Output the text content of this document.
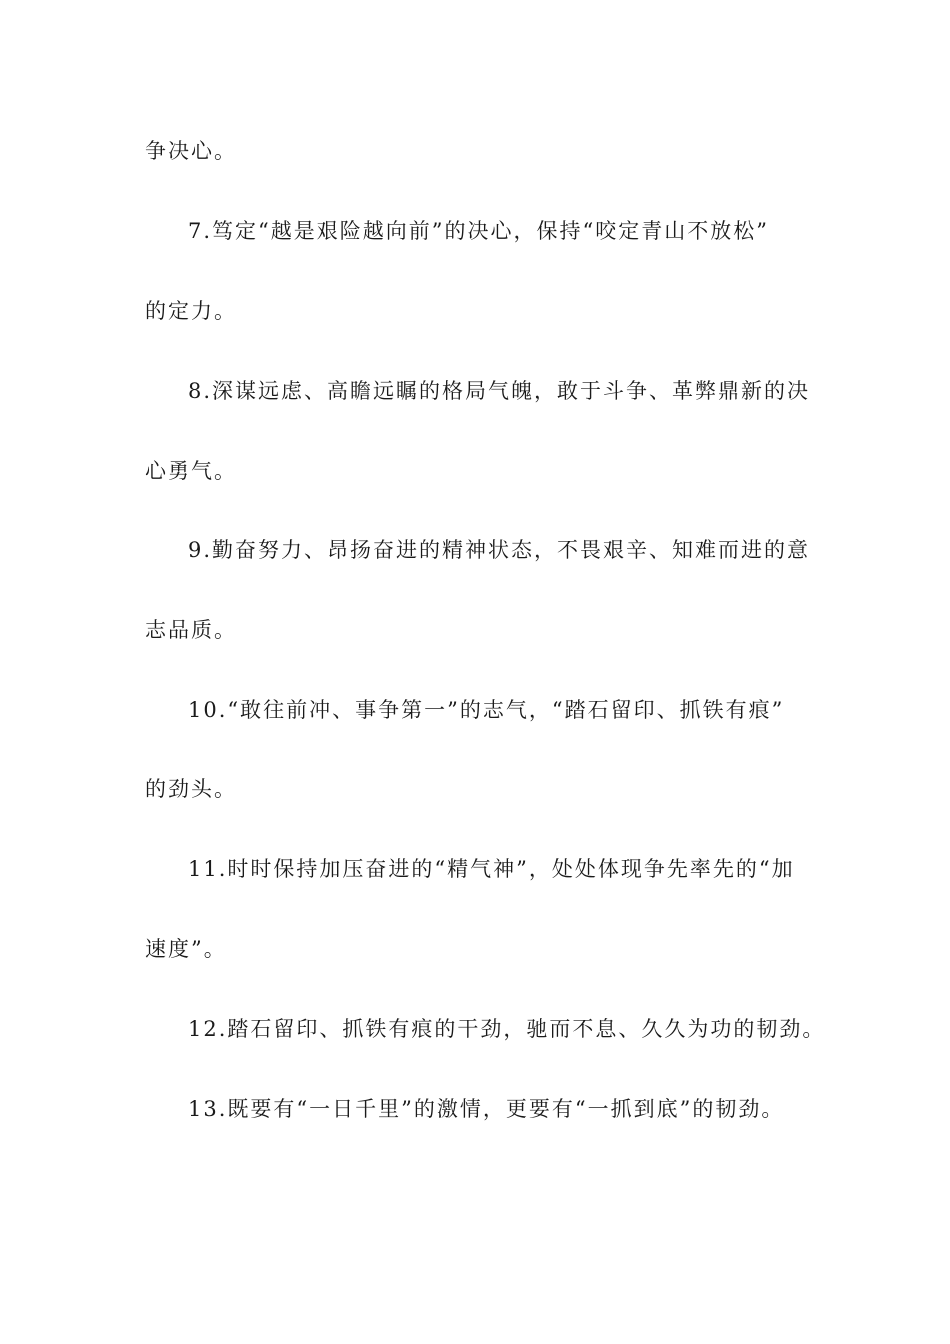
争决心。
7.笃定“越是艰险越向前”的决心，保持“咬定青山不放松”
的定力。
8.深谋远虑、高瞻远瞩的格局气魄，敢于斗争、革弊鼎新的决
心勇气。
9.勤奋努力、昂扬奋进的精神状态，不畏艰辛、知难而进的意
志品质。
10.“敢往前冲、事争第一”的志气，“踏石留印、抓铁有痕”
的劲头。
11.时时保持加压奋进的“精气神”，处处体现争先率先的“加
速度”。
12.踏石留印、抓铁有痕的干劲，驰而不息、久久为功的韧劲。
13.既要有“一日千里”的激情，更要有“一抓到底”的韧劲。
